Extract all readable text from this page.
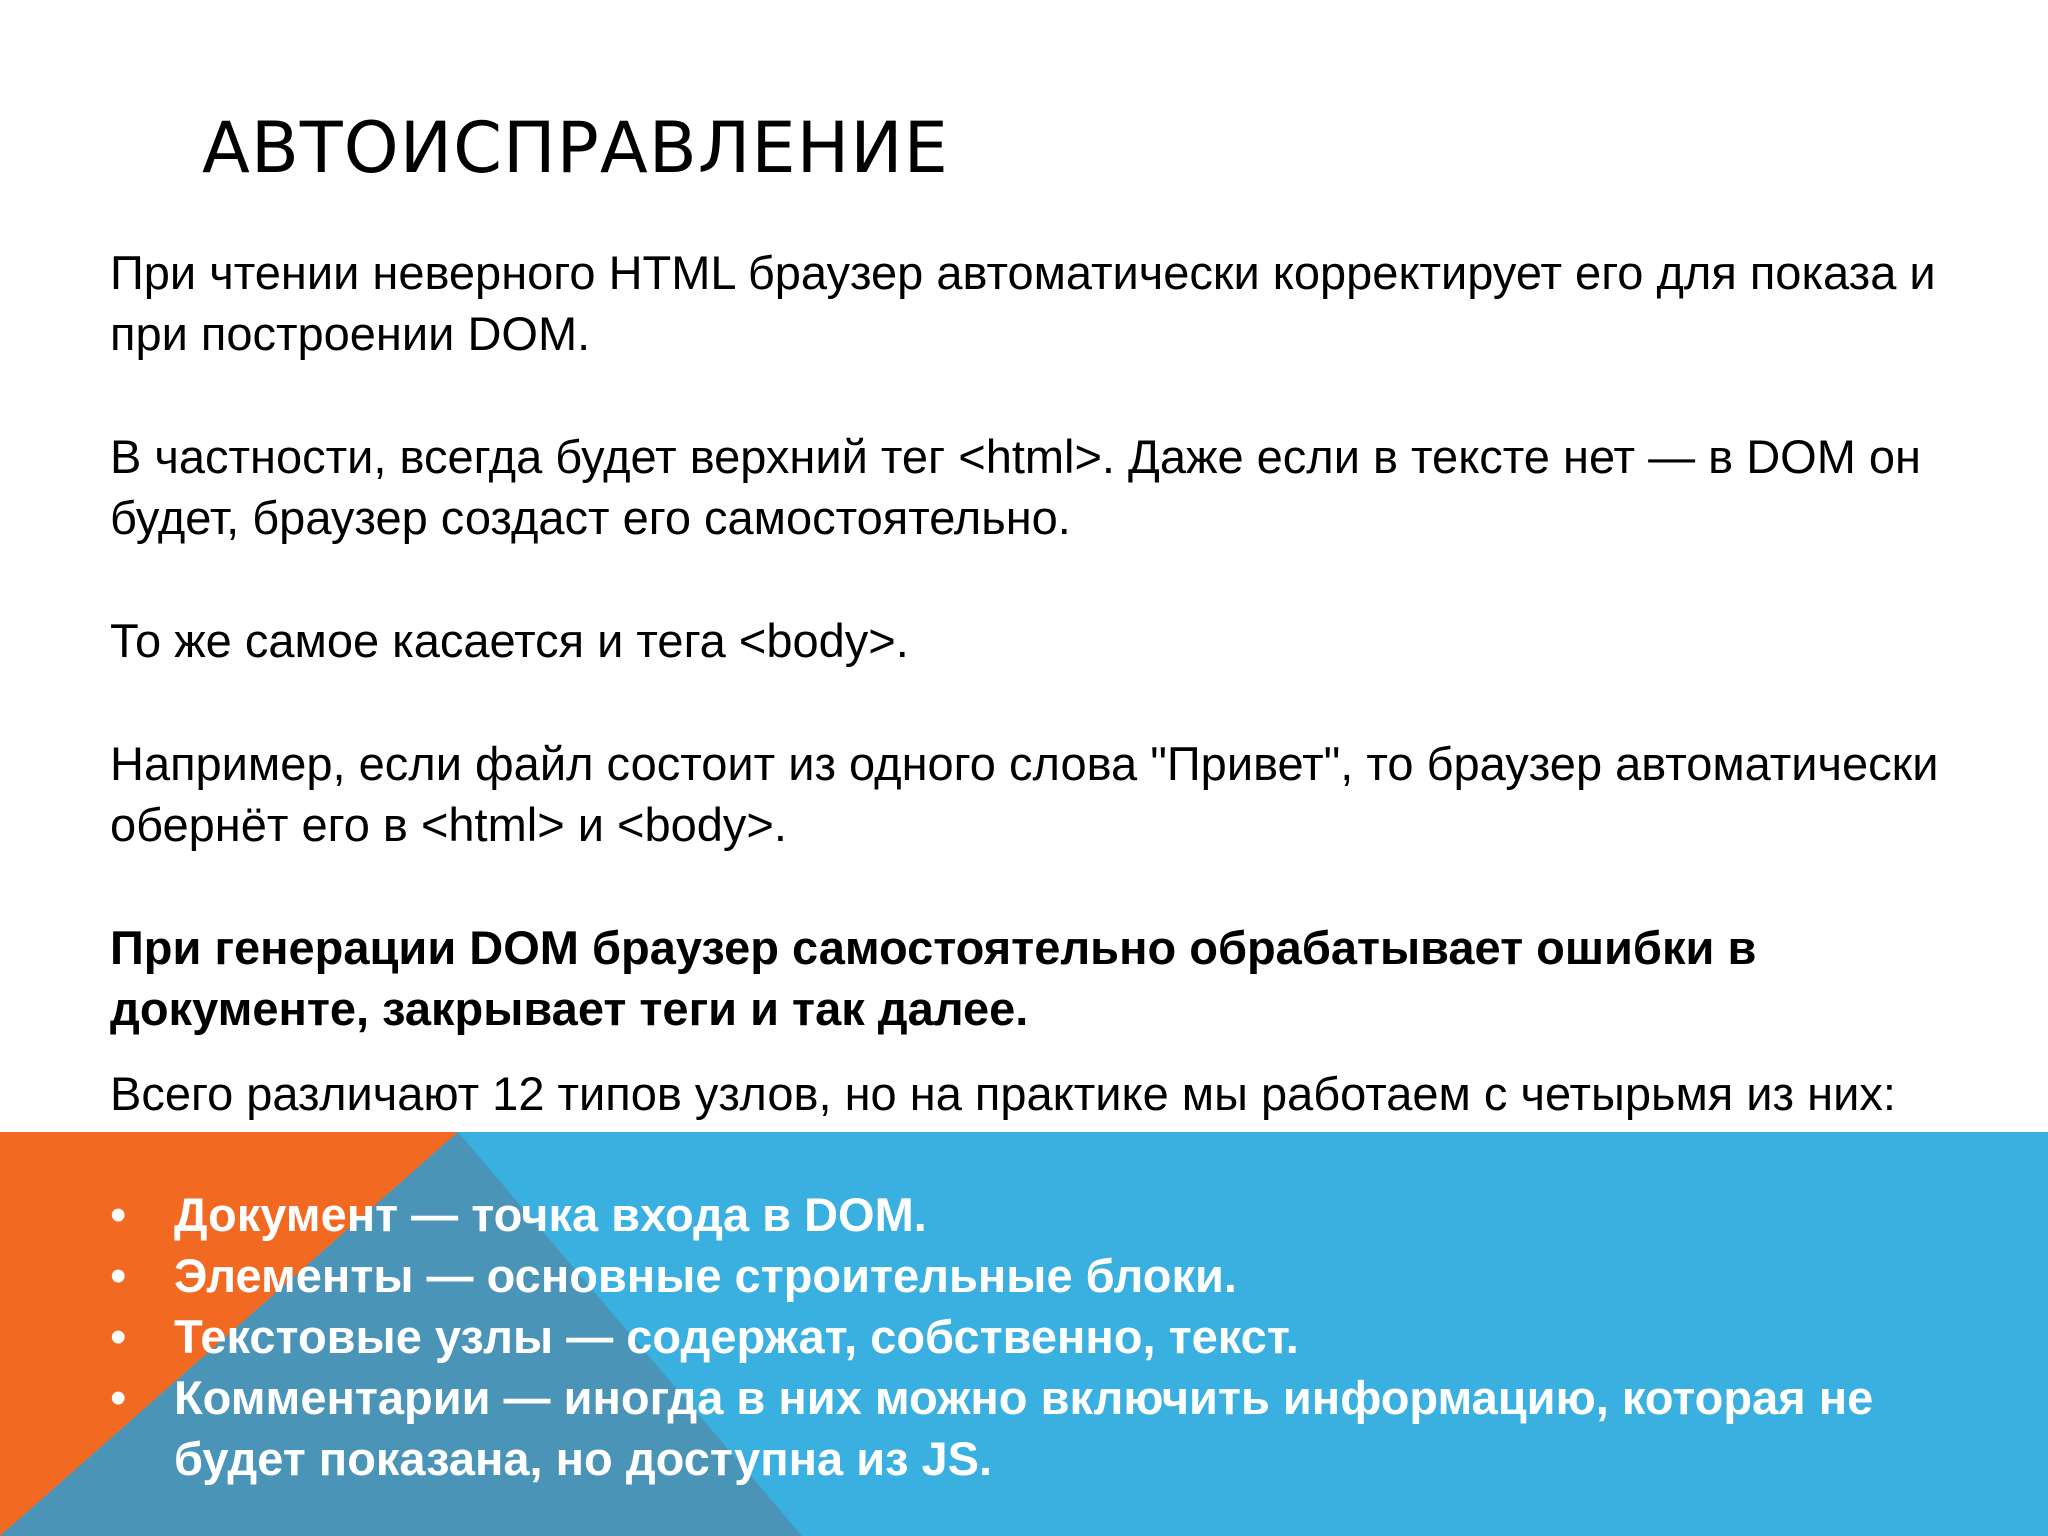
АВТОИСПРАВЛЕНИЕ

При чтении неверного HTML браузер автоматически корректирует его для показа и при построении DOM.

В частности, всегда будет верхний тег <html>. Даже если в тексте нет — в DOM он будет, браузер создаст его самостоятельно.

То же самое касается и тега <body>.

Например, если файл состоит из одного слова "Привет", то браузер автоматически обернёт его в <html> и <body>.

При генерации DOM браузер самостоятельно обрабатывает ошибки в документе, закрывает теги и так далее.

Всего различают 12 типов узлов, но на практике мы работаем с четырьмя из них:

• Документ — точка входа в DOM.
• Элементы — основные строительные блоки.
• Текстовые узлы — содержат, собственно, текст.
• Комментарии — иногда в них можно включить информацию, которая не будет показана, но доступна из JS.
